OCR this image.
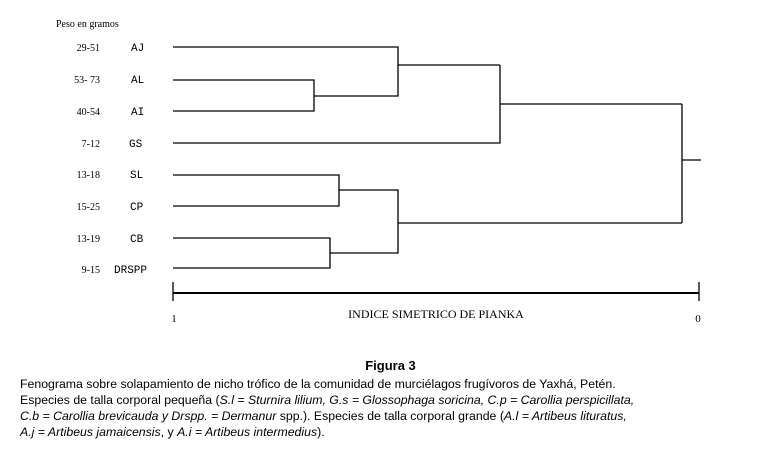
Peso en gramos
29-51	AJ
53- 73	AL
40-54	AI
7-12	GS
13-18	SL
15-25	CP
13-19	CB
9-15 DRSPP
1	0
INDICE SIMETRICO DE PIANKA
Figura 3
Fenograma sobre solapamiento de nicho trófico de la comunidad de murciélagos frugívoros de Yaxhá, Petén.
Especies de talla corporal pequeña (S.l = Sturnira lilium, G.s = Glossophaga soricina, C.p = Carollia perspicillata,
C.b = Carollia brevicauda y Drspp. = Dermanur spp.). Especies de talla corporal grande (A.l = Artibeus lituratus,
A.j = Artibeus jamaicensis, y A.i = Artibeus intermedius).
